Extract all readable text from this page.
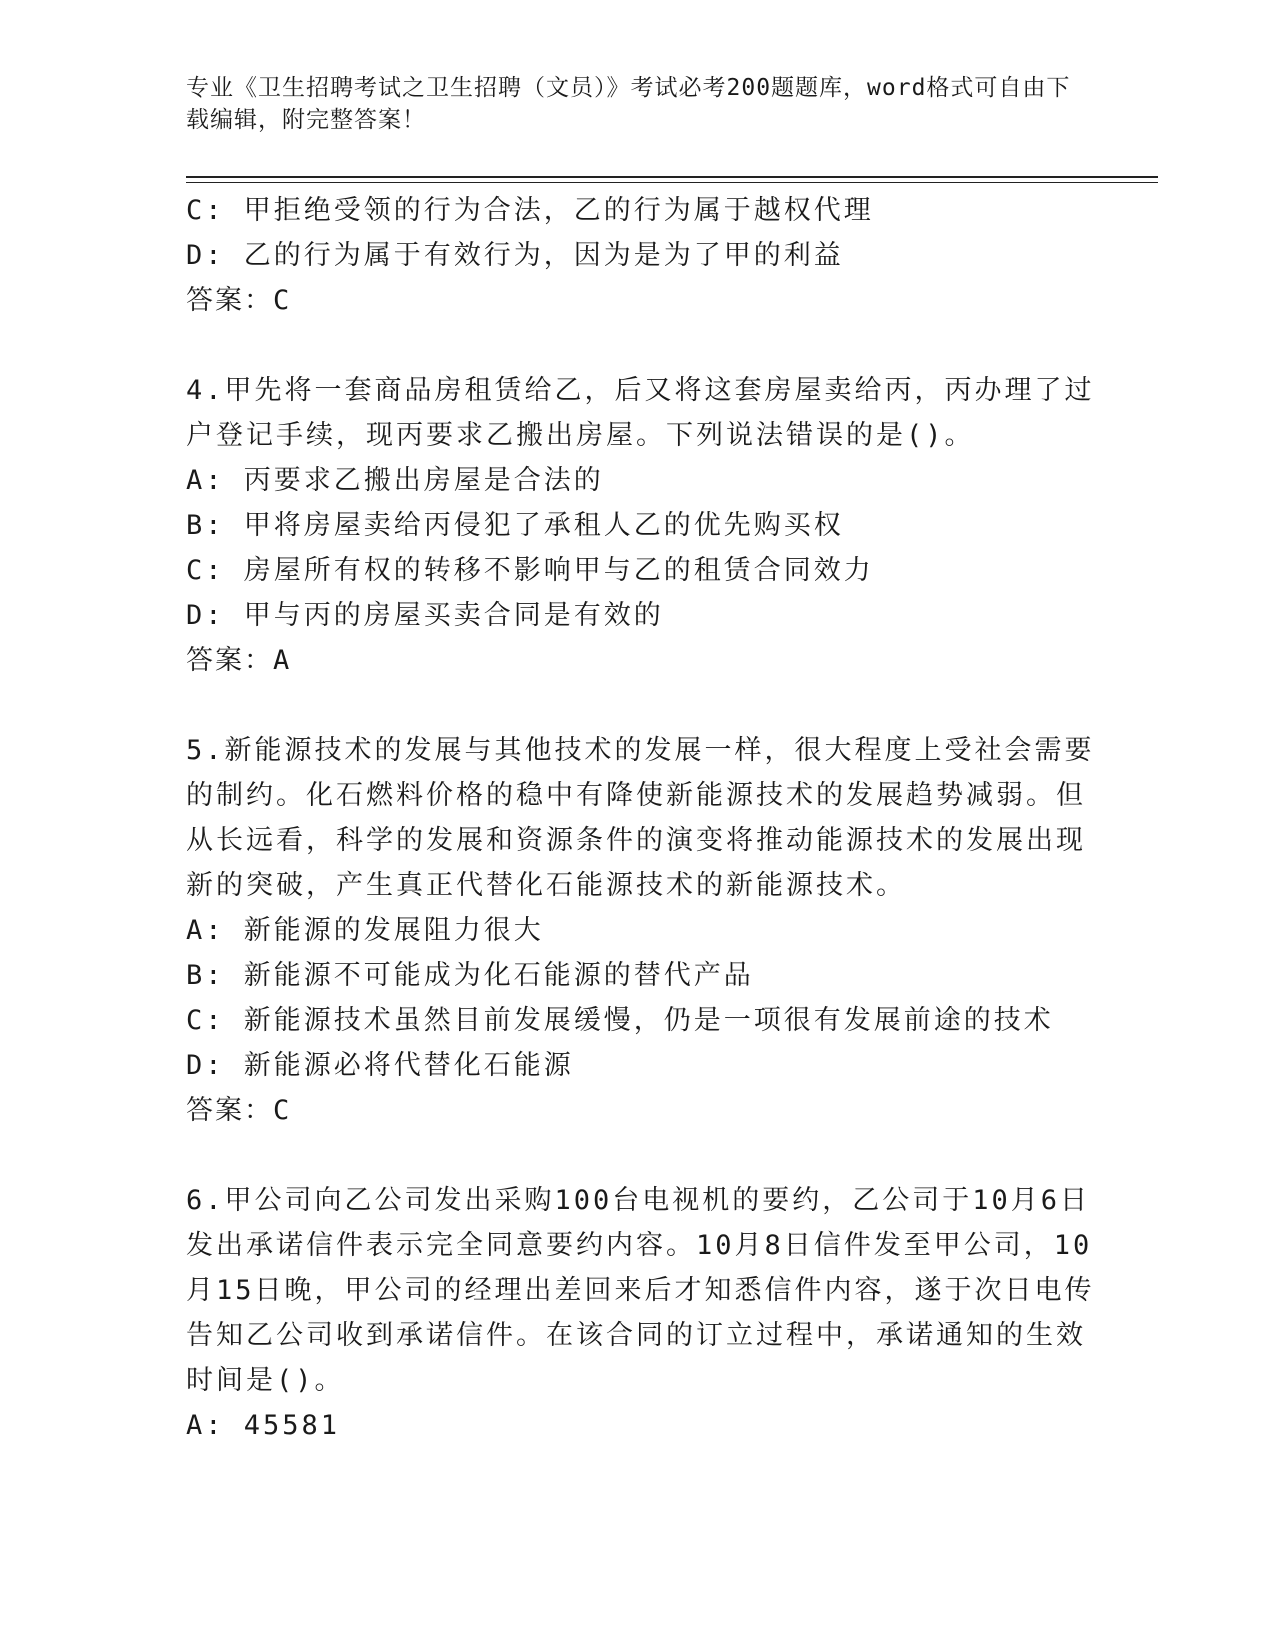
专业《卫生招聘考试之卫生招聘（文员）》考试必考200题题库，word格式可自由下载编辑，附完整答案！
C: 甲拒绝受领的行为合法，乙的行为属于越权代理
D: 乙的行为属于有效行为，因为是为了甲的利益
答案：C
4.甲先将一套商品房租赁给乙，后又将这套房屋卖给丙，丙办理了过
户登记手续，现丙要求乙搬出房屋。下列说法错误的是()。
A: 丙要求乙搬出房屋是合法的
B: 甲将房屋卖给丙侵犯了承租人乙的优先购买权
C: 房屋所有权的转移不影响甲与乙的租赁合同效力
D: 甲与丙的房屋买卖合同是有效的
答案：A
5.新能源技术的发展与其他技术的发展一样，很大程度上受社会需要
的制约。化石燃料价格的稳中有降使新能源技术的发展趋势减弱。但
从长远看，科学的发展和资源条件的演变将推动能源技术的发展出现
新的突破，产生真正代替化石能源技术的新能源技术。
A: 新能源的发展阻力很大
B: 新能源不可能成为化石能源的替代产品
C: 新能源技术虽然目前发展缓慢，仍是一项很有发展前途的技术
D: 新能源必将代替化石能源
答案：C
6.甲公司向乙公司发出采购100台电视机的要约，乙公司于10月6日
发出承诺信件表示完全同意要约内容。10月8日信件发至甲公司，10
月15日晚，甲公司的经理出差回来后才知悉信件内容，遂于次日电传
告知乙公司收到承诺信件。在该合同的订立过程中，承诺通知的生效
时间是()。
A: 45581
